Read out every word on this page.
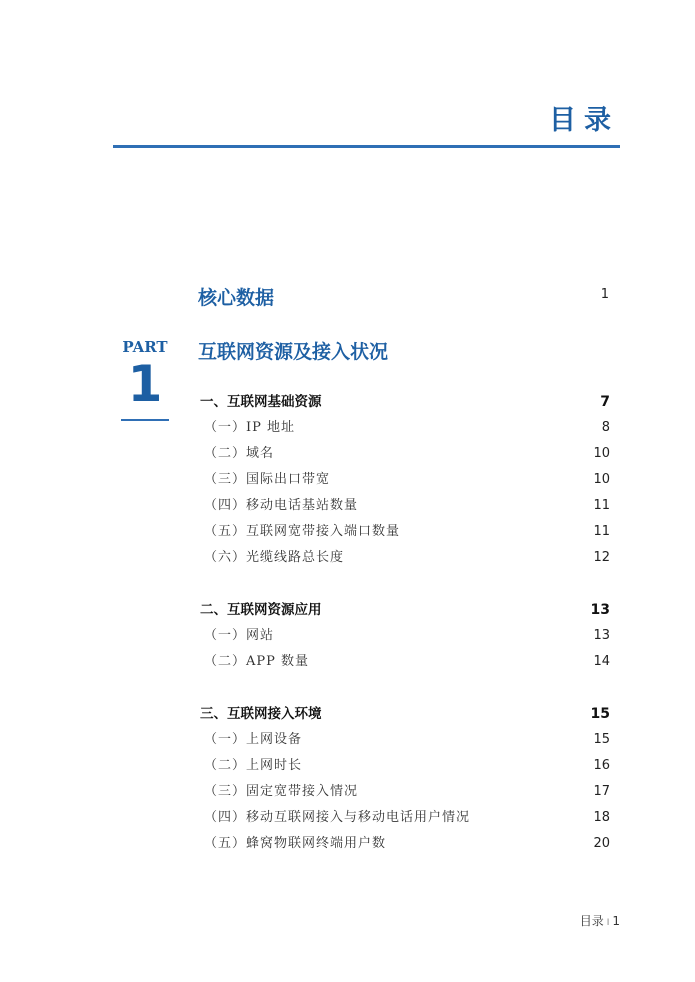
目录
核心数据	1
PART
1
互联网资源及接入状况
一、互联网基础资源	7
（一）IP 地址	8
（二）域名	10
（三）国际出口带宽	10
（四）移动电话基站数量	11
（五）互联网宽带接入端口数量	11
（六）光缆线路总长度	12
二、互联网资源应用	13
（一）网站	13
（二）APP 数量	14
三、互联网接入环境	15
（一）上网设备	15
（二）上网时长	16
（三）固定宽带接入情况	17
（四）移动互联网接入与移动电话用户情况	18
（五）蜂窝物联网终端用户数	20
目录 I 1
